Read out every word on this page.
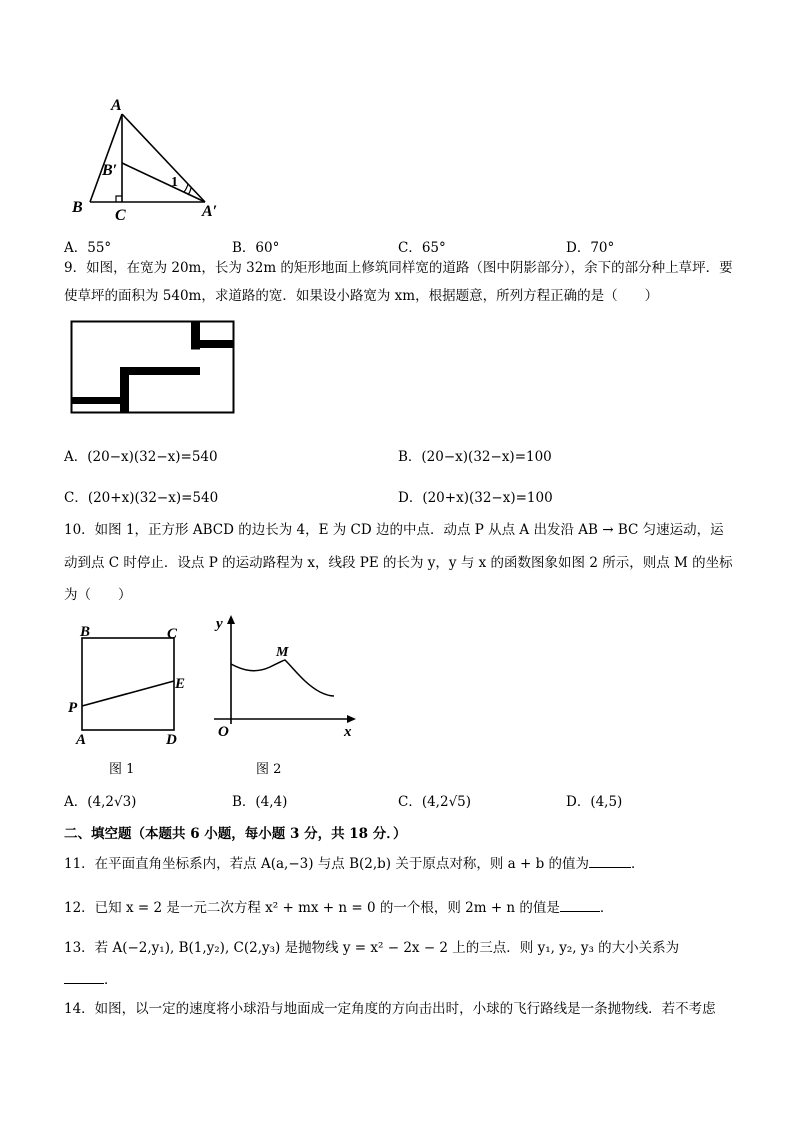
A
B C
B′
A′
1
A．55°	B．60°	C．65°	D．70°
9．如图，在宽为 20m，长为 32m 的矩形地面上修筑同样宽的道路（图中阴影部分），余下的部分种上草坪．要
使草坪的面积为 540m，求道路的宽．如果设小路宽为 xm，根据题意，所列方程正确的是（　　）
A．(20−x)(32−x)=540	B．(20−x)(32−x)=100
C．(20+x)(32−x)=540	D．(20+x)(32−x)=100
10．如图 1，正方形 ABCD 的边长为 4，E 为 CD 边的中点．动点 P 从点 A 出发沿 AB → BC 匀速运动，运
动到点 C 时停止．设点 P 的运动路程为 x，线段 PE 的长为 y，y 与 x 的函数图象如图 2 所示，则点 M 的坐标
为（　　）
B	C
E
P
A	D
图 1
y
M
O	x
图 2
A．(4,2√3)	B．(4,4)	C．(4,2√5)	D．(4,5)
二、填空题（本题共 6 小题，每小题 3 分，共 18 分．）
11．在平面直角坐标系内，若点 A(a,−3) 与点 B(2,b) 关于原点对称，则 a + b 的值为	．
12．已知 x = 2 是一元二次方程 x² + mx + n = 0 的一个根，则 2m + n 的值是	．
13．若 A(−2,y₁), B(1,y₂), C(2,y₃) 是抛物线 y = x² − 2x − 2 上的三点．则 y₁, y₂, y₃ 的大小关系为
．
14．如图，以一定的速度将小球沿与地面成一定角度的方向击出时，小球的飞行路线是一条抛物线．若不考虑
